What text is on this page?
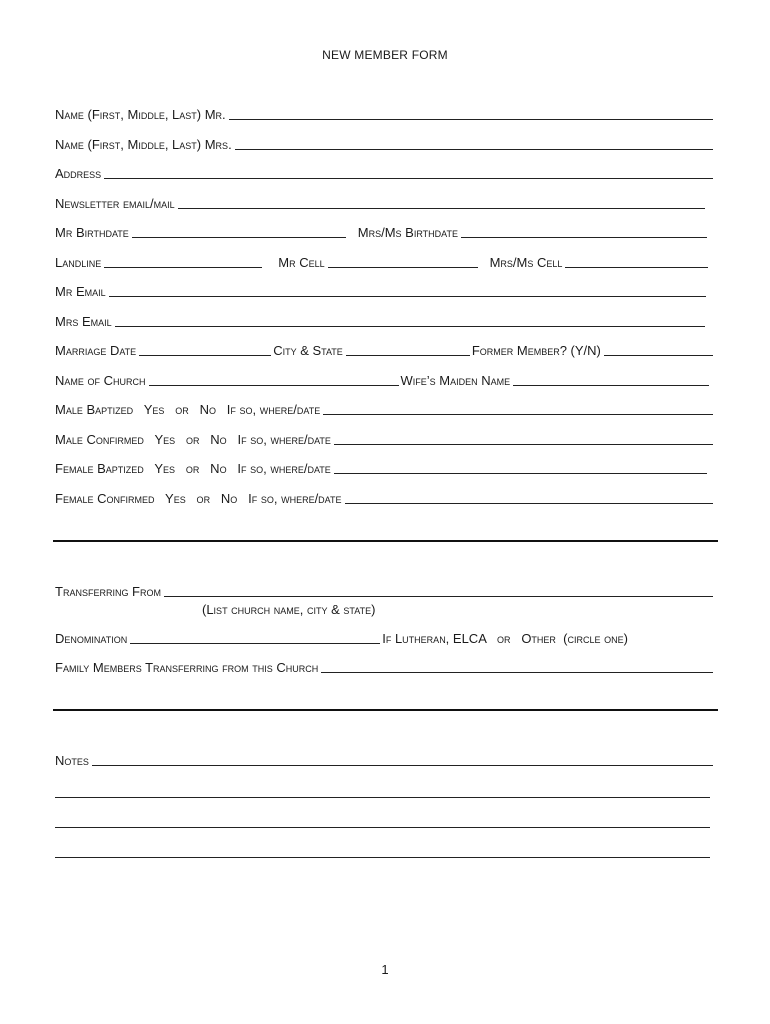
NEW MEMBER FORM
Name (First, Middle, Last) Mr.
Name (First, Middle, Last) Mrs.
Address
Newsletter email/mail
Mr Birthdate	Mrs/Ms Birthdate
Landline	Mr Cell	Mrs/Ms Cell
Mr Email
Mrs Email
Marriage Date	City & State	Former Member? (Y/N)
Name of Church	Wife’s Maiden Name
Male Baptized   Yes   or   No   If so, where/date
Male Confirmed   Yes   or   No   If so, where/date
Female Baptized   Yes   or   No   If so, where/date
Female Confirmed   Yes   or   No   If so, where/date
Transferring From
(List church name, city & state)
Denomination	If Lutheran, ELCA   or   Other  (circle one)
Family Members Transferring from this Church
Notes
1
